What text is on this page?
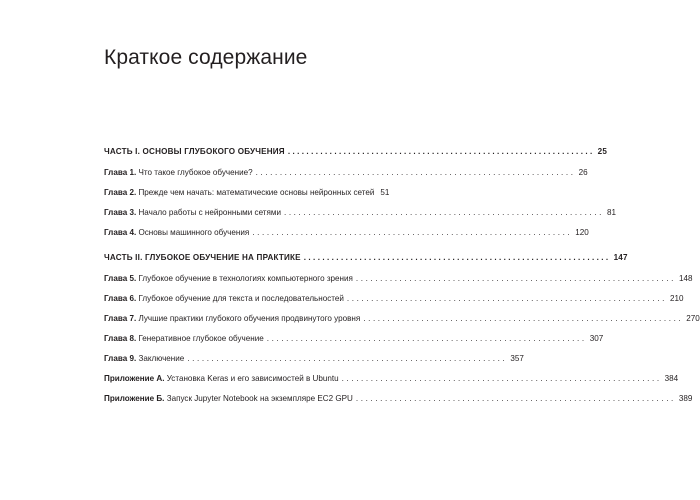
Краткое содержание
ЧАСТЬ I. ОСНОВЫ ГЛУБОКОГО ОБУЧЕНИЯ .................................................................. 25
Глава 1. Что такое глубокое обучение? .................................................................. 26
Глава 2. Прежде чем начать: математические основы нейронных сетей 51
Глава 3. Начало работы с нейронными сетями .................................................................. 81
Глава 4. Основы машинного обучения .................................................................. 120
ЧАСТЬ II. ГЛУБОКОЕ ОБУЧЕНИЕ НА ПРАКТИКЕ .................................................................. 147
Глава 5. Глубокое обучение в технологиях компьютерного зрения .................................................................. 148
Глава 6. Глубокое обучение для текста и последовательностей .................................................................. 210
Глава 7. Лучшие практики глубокого обучения продвинутого уровня .................................................................. 270
Глава 8. Генеративное глубокое обучение .................................................................. 307
Глава 9. Заключение .................................................................. 357
Приложение А. Установка Keras и его зависимостей в Ubuntu .................................................................. 384
Приложение Б. Запуск Jupyter Notebook на экземпляре EC2 GPU .................................................................. 389
